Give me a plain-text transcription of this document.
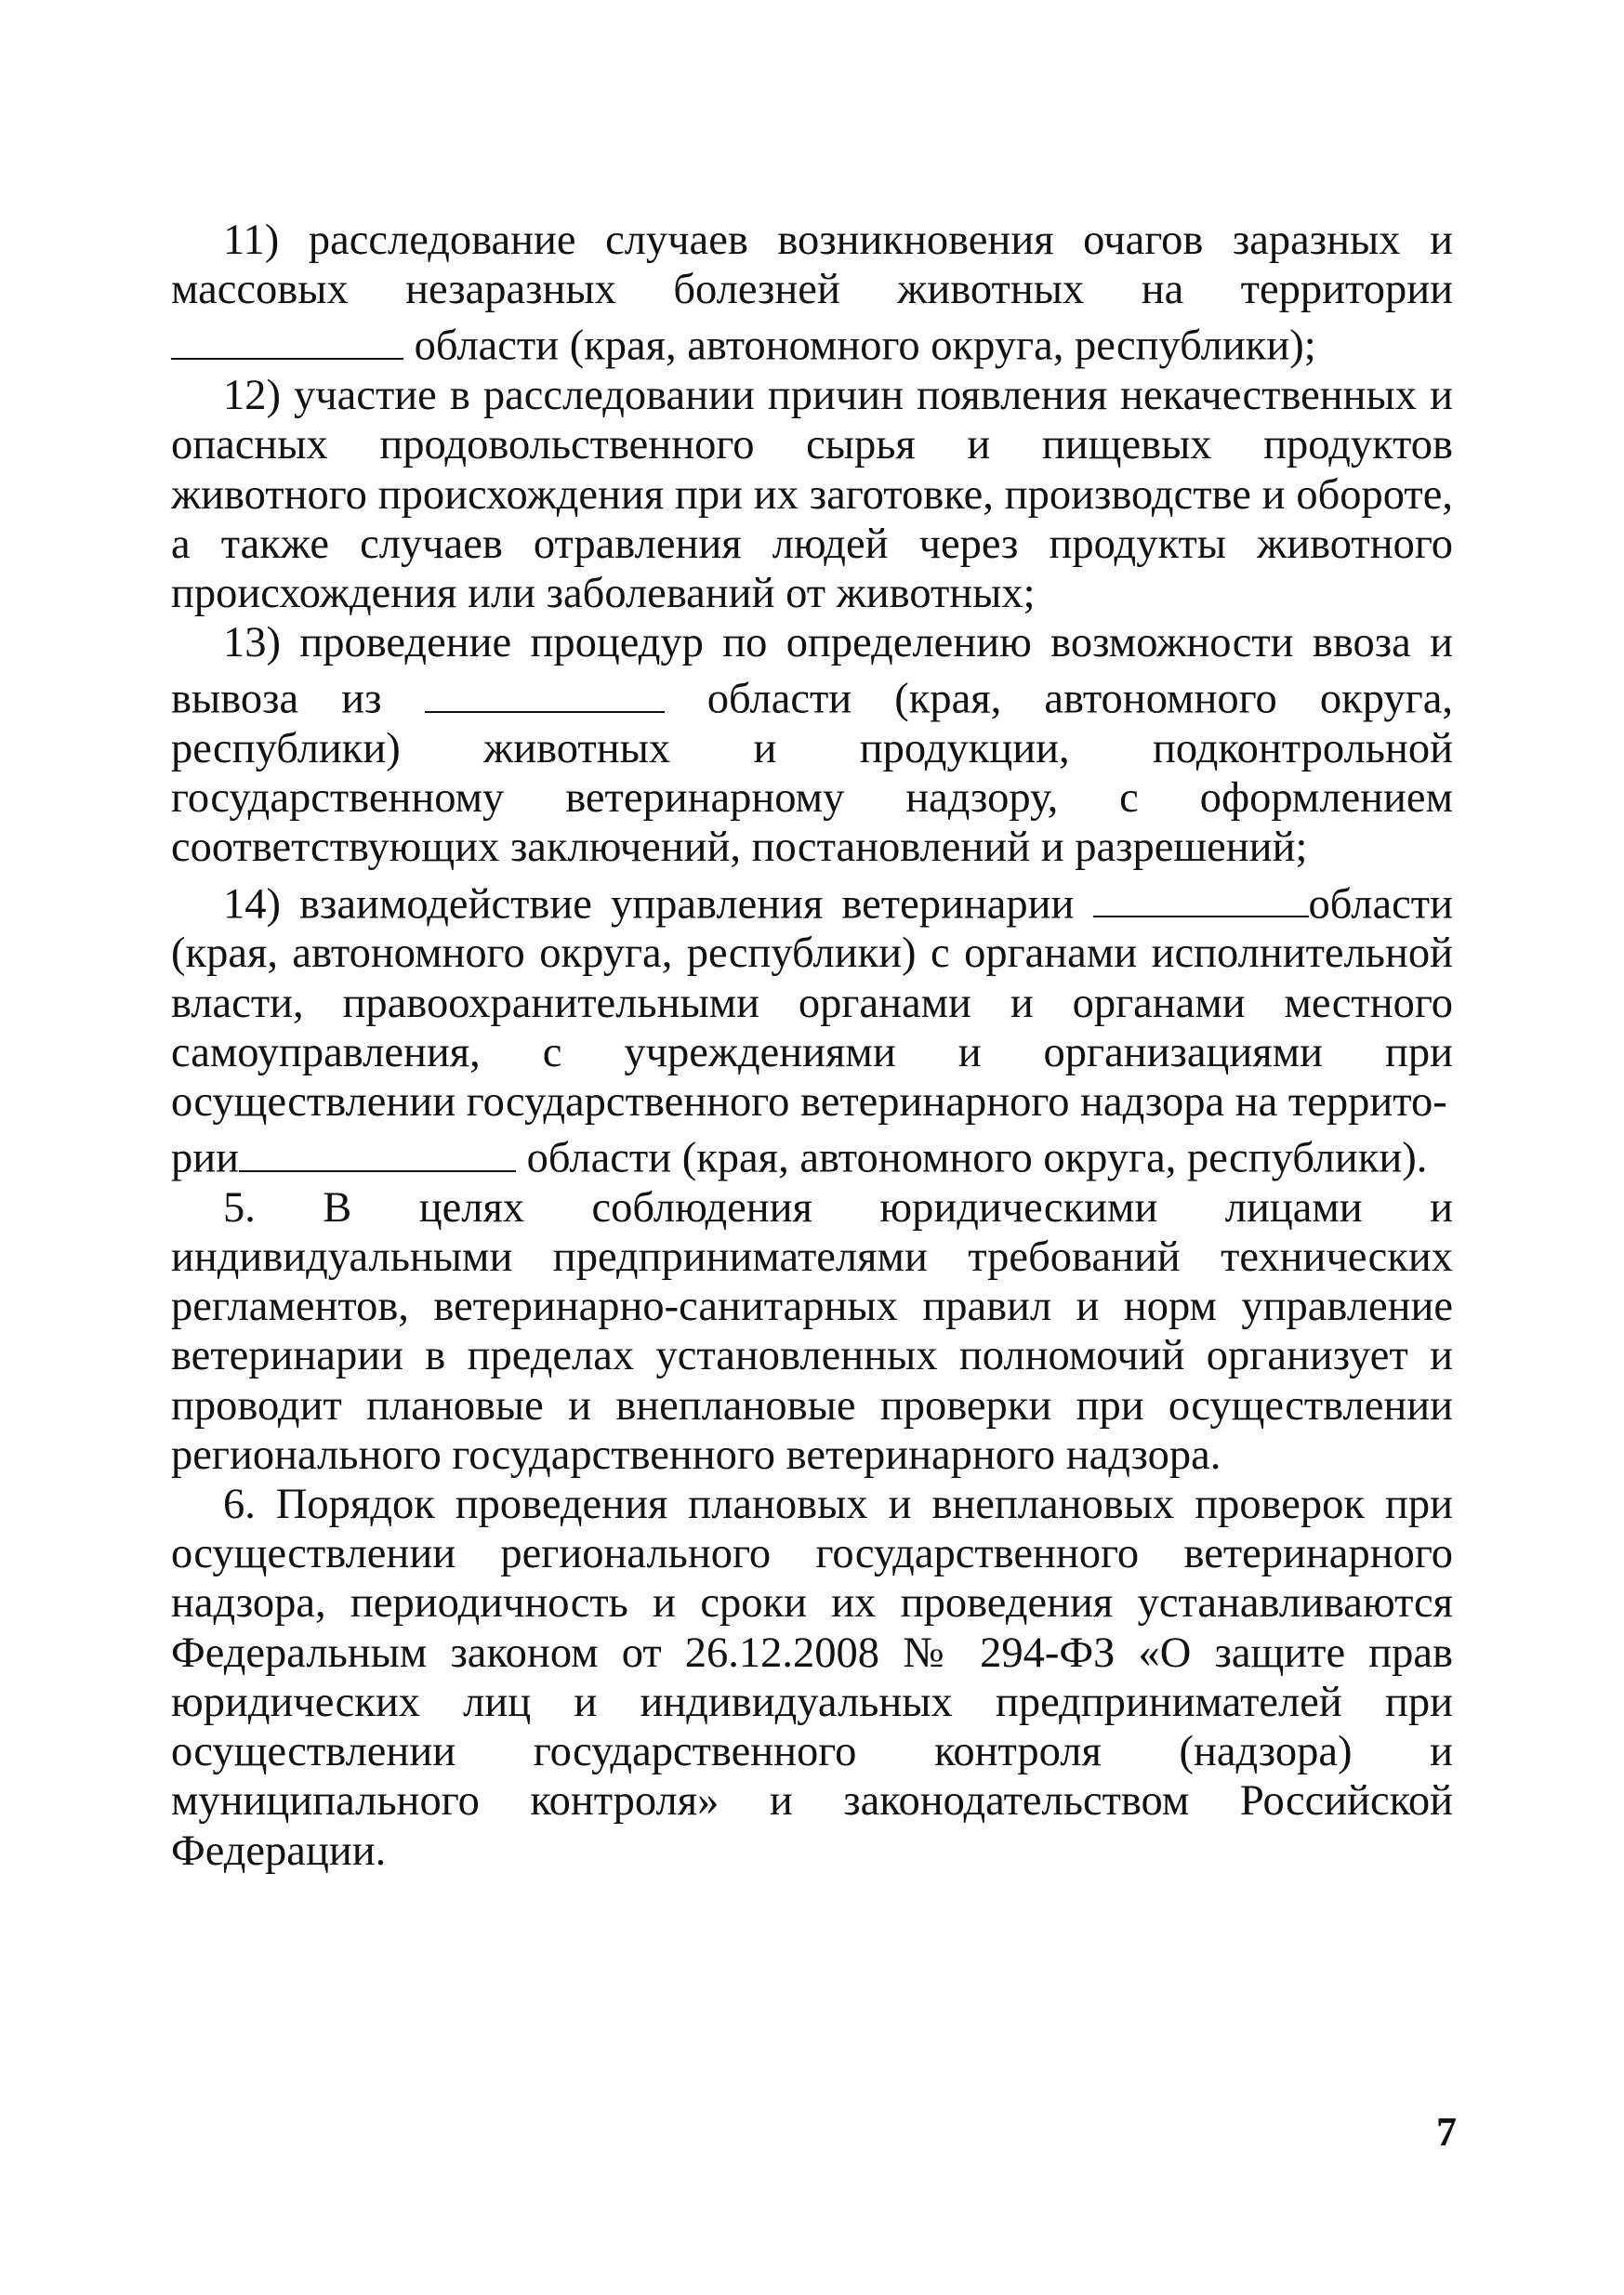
11) расследование случаев возникновения очагов заразных и массовых незаразных болезней животных на территории  области (края, автономного округа, республики);

12) участие в расследовании причин появления некачественных и опасных продовольственного сырья и пищевых продуктов животного происхождения при их заготовке, производстве и обороте, а также случаев отравления людей через продукты животного происхождения или заболеваний от животных;

13) проведение процедур по определению возможности ввоза и вывоза из	области (края, автономного округа, республики) животных и продукции, подконтрольной государственному ветеринарному надзору, с оформлением соответствующих заключений, постановлений и разрешений;

14) взаимодействие управления ветеринарии	области (края, автономного округа, республики) с органами исполнительной власти, правоохранительными органами и органами местного самоуправления, с учреждениями и организациями при осуществлении государственного ветеринарного надзора на террито-
рии	области (края, автономного округа, республики).

5. В целях соблюдения юридическими лицами и индивидуальными предпринимателями требований технических регламентов, ветеринарно-санитарных правил и норм управление ветеринарии в пределах установленных полномочий организует и проводит плановые и внеплановые проверки при осуществлении регионального государственного ветеринарного надзора.

6. Порядок проведения плановых и внеплановых проверок при осуществлении регионального государственного ветеринарного надзора, периодичность и сроки их проведения устанавливаются Федеральным законом от 26.12.2008 № 294-ФЗ «О защите прав юридических лиц и индивидуальных предпринимателей при осуществлении государственного контроля (надзора) и муниципального контроля» и законодательством Российской Федерации.

7
